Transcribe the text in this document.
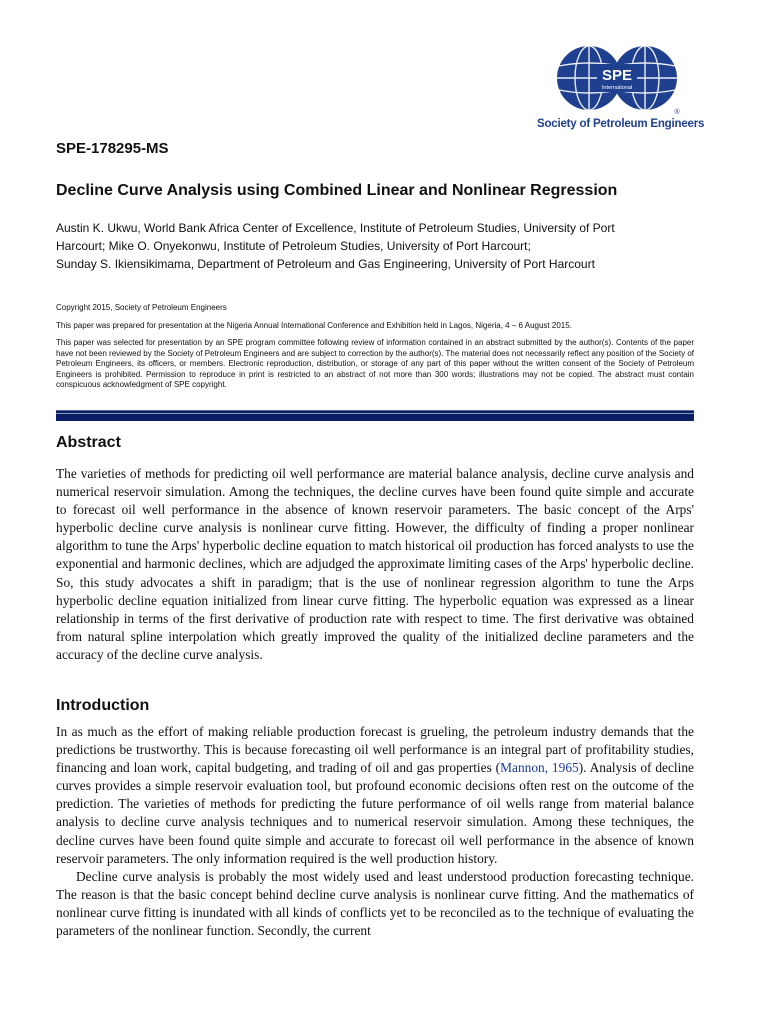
SPE
International
®
Society of Petroleum Engineers
SPE-178295-MS
Decline Curve Analysis using Combined Linear and Nonlinear Regression
Austin K. Ukwu, World Bank Africa Center of Excellence, Institute of Petroleum Studies, University of Port
Harcourt; Mike O. Onyekonwu, Institute of Petroleum Studies, University of Port Harcourt;
Sunday S. Ikiensikimama, Department of Petroleum and Gas Engineering, University of Port Harcourt

Copyright 2015, Society of Petroleum Engineers

This paper was prepared for presentation at the Nigeria Annual International Conference and Exhibition held in Lagos, Nigeria, 4 – 6 August 2015.

This paper was selected for presentation by an SPE program committee following review of information contained in an abstract submitted by the author(s). Contents of the paper have not been reviewed by the Society of Petroleum Engineers and are subject to correction by the author(s). The material does not necessarily reflect any position of the Society of Petroleum Engineers, its officers, or members. Electronic reproduction, distribution, or storage of any part of this paper without the written consent of the Society of Petroleum Engineers is prohibited. Permission to reproduce in print is restricted to an abstract of not more than 300 words; illustrations may not be copied. The abstract must contain conspicuous acknowledgment of SPE copyright.

Abstract

The varieties of methods for predicting oil well performance are material balance analysis, decline curve analysis and numerical reservoir simulation. Among the techniques, the decline curves have been found quite simple and accurate to forecast oil well performance in the absence of known reservoir parameters. The basic concept of the Arps' hyperbolic decline curve analysis is nonlinear curve fitting. However, the difficulty of finding a proper nonlinear algorithm to tune the Arps' hyperbolic decline equation to match historical oil production has forced analysts to use the exponential and harmonic declines, which are adjudged the approximate limiting cases of the Arps' hyperbolic decline. So, this study advocates a shift in paradigm; that is the use of nonlinear regression algorithm to tune the Arps hyperbolic decline equation initialized from linear curve fitting. The hyperbolic equation was expressed as a linear relationship in terms of the first derivative of production rate with respect to time. The first derivative was obtained from natural spline interpolation which greatly improved the quality of the initialized decline parameters and the accuracy of the decline curve analysis.

Introduction

In as much as the effort of making reliable production forecast is grueling, the petroleum industry demands that the predictions be trustworthy. This is because forecasting oil well performance is an integral part of profitability studies, financing and loan work, capital budgeting, and trading of oil and gas properties (Mannon, 1965). Analysis of decline curves provides a simple reservoir evaluation tool, but profound economic decisions often rest on the outcome of the prediction. The varieties of methods for predicting the future performance of oil wells range from material balance analysis to decline curve analysis techniques and to numerical reservoir simulation. Among these techniques, the decline curves have been found quite simple and accurate to forecast oil well performance in the absence of known reservoir parameters. The only information required is the well production history.

Decline curve analysis is probably the most widely used and least understood production forecasting technique. The reason is that the basic concept behind decline curve analysis is nonlinear curve fitting. And the mathematics of nonlinear curve fitting is inundated with all kinds of conflicts yet to be reconciled as to the technique of evaluating the parameters of the nonlinear function. Secondly, the current
